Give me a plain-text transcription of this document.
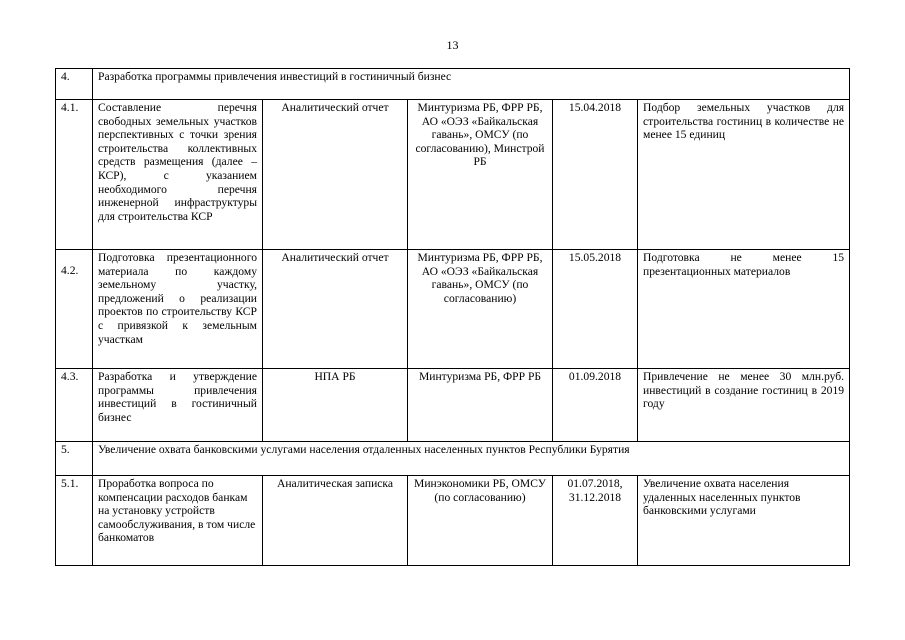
13
4.	Разработка программы привлечения инвестиций в гостиничный бизнес				
4.1.	Составление перечня свободных земельных участков перспективных с точки зрения строительства коллективных средств размещения (далее – КСР), с указанием необходимого перечня инженерной инфраструктуры для строительства КСР	Аналитический отчет	Минтуризма РБ, ФРР РБ, АО «ОЭЗ «Байкальская гавань», ОМСУ (по согласованию), Минстрой РБ	15.04.2018	Подбор земельных участков для строительства гостиниц в количестве не менее 15 единиц
4.2.	Подготовка презентационного материала по каждому земельному участку, предложений о реализации проектов по строительству КСР с привязкой к земельным участкам	Аналитический отчет	Минтуризма РБ, ФРР РБ, АО «ОЭЗ «Байкальская гавань», ОМСУ (по согласованию)	15.05.2018	Подготовка не менее 15 презентационных материалов
4.3.	Разработка и утверждение программы привлечения инвестиций в гостиничный бизнес	НПА РБ	Минтуризма РБ, ФРР РБ	01.09.2018	Привлечение не менее 30 млн.руб. инвестиций в создание гостиниц в 2019 году
5.	Увеличение охвата банковскими услугами населения отдаленных населенных пунктов Республики Бурятия				
5.1.	Проработка вопроса по компенсации расходов банкам на установку устройств самообслуживания, в том числе банкоматов	Аналитическая записка	Минэкономики РБ, ОМСУ (по согласованию)	01.07.2018, 31.12.2018	Увеличение охвата населения удаленных населенных пунктов банковскими услугами
